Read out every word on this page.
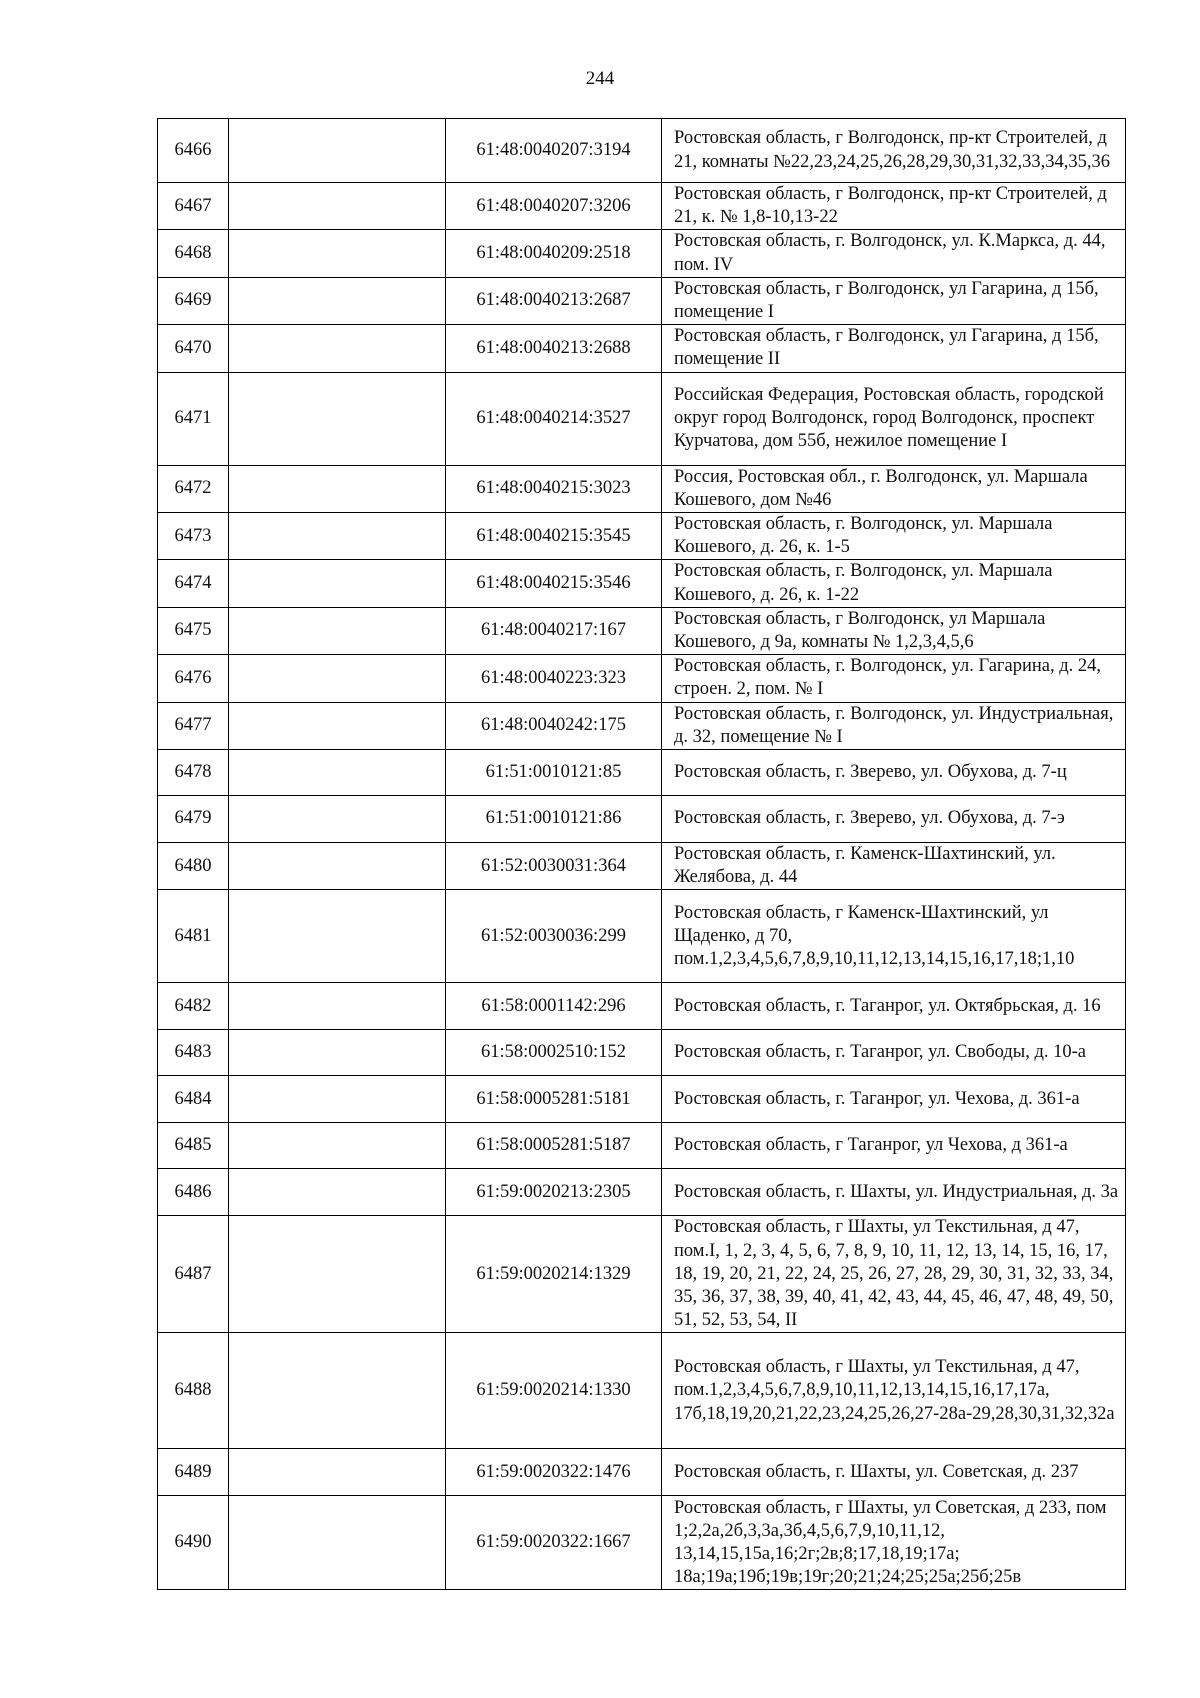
244
6466		61:48:0040207:3194	Ростовская область, г Волгодонск, пр-кт Строителей, д 21, комнаты №22,23,24,25,26,28,29,30,31,32,33,34,35,36
6467		61:48:0040207:3206	Ростовская область, г Волгодонск, пр-кт Строителей, д 21, к. № 1,8-10,13-22
6468		61:48:0040209:2518	Ростовская область, г. Волгодонск, ул. К.Маркса, д. 44, пом. IV
6469		61:48:0040213:2687	Ростовская область, г Волгодонск, ул Гагарина, д 15б, помещение I
6470		61:48:0040213:2688	Ростовская область, г Волгодонск, ул Гагарина, д 15б, помещение II
6471		61:48:0040214:3527	Российская Федерация, Ростовская область, городской округ город Волгодонск, город Волгодонск, проспект Курчатова, дом 55б, нежилое помещение I
6472		61:48:0040215:3023	Россия, Ростовская обл., г. Волгодонск, ул. Маршала Кошевого, дом №46
6473		61:48:0040215:3545	Ростовская область, г. Волгодонск, ул. Маршала Кошевого, д. 26, к. 1-5
6474		61:48:0040215:3546	Ростовская область, г. Волгодонск, ул. Маршала Кошевого, д. 26, к. 1-22
6475		61:48:0040217:167	Ростовская область, г Волгодонск, ул Маршала Кошевого, д 9а, комнаты № 1,2,3,4,5,6
6476		61:48:0040223:323	Ростовская область, г. Волгодонск, ул. Гагарина, д. 24, строен. 2, пом. № I
6477		61:48:0040242:175	Ростовская область, г. Волгодонск, ул. Индустриальная, д. 32, помещение № I
6478		61:51:0010121:85	Ростовская область, г. Зверево, ул. Обухова, д. 7-ц
6479		61:51:0010121:86	Ростовская область, г. Зверево, ул. Обухова, д. 7-э
6480		61:52:0030031:364	Ростовская область, г. Каменск-Шахтинский, ул. Желябова, д. 44
6481		61:52:0030036:299	Ростовская область, г Каменск-Шахтинский, ул Щаденко, д 70, пом.1,2,3,4,5,6,7,8,9,10,11,12,13,14,15,16,17,18;1,10
6482		61:58:0001142:296	Ростовская область, г. Таганрог, ул. Октябрьская, д. 16
6483		61:58:0002510:152	Ростовская область, г. Таганрог, ул. Свободы, д. 10-а
6484		61:58:0005281:5181	Ростовская область, г. Таганрог, ул. Чехова, д. 361-а
6485		61:58:0005281:5187	Ростовская область, г Таганрог, ул Чехова, д 361-а
6486		61:59:0020213:2305	Ростовская область, г. Шахты, ул. Индустриальная, д. 3а
6487		61:59:0020214:1329	Ростовская область, г Шахты, ул Текстильная, д 47, пом.I, 1, 2, 3, 4, 5, 6, 7, 8, 9, 10, 11, 12, 13, 14, 15, 16, 17, 18, 19, 20, 21, 22, 24, 25, 26, 27, 28, 29, 30, 31, 32, 33, 34, 35, 36, 37, 38, 39, 40, 41, 42, 43, 44, 45, 46, 47, 48, 49, 50, 51, 52, 53, 54, II
6488		61:59:0020214:1330	Ростовская область, г Шахты, ул Текстильная, д 47, пом.1,2,3,4,5,6,7,8,9,10,11,12,13,14,15,16,17,17а, 17б,18,19,20,21,22,23,24,25,26,27-28а-29,28,30,31,32,32а
6489		61:59:0020322:1476	Ростовская область, г. Шахты, ул. Советская, д. 237
6490		61:59:0020322:1667	Ростовская область, г Шахты, ул Советская, д 233, пом 1;2,2а,2б,3,3а,3б,4,5,6,7,9,10,11,12, 13,14,15,15а,16;2г;2в;8;17,18,19;17а; 18а;19а;19б;19в;19г;20;21;24;25;25а;25б;25в
